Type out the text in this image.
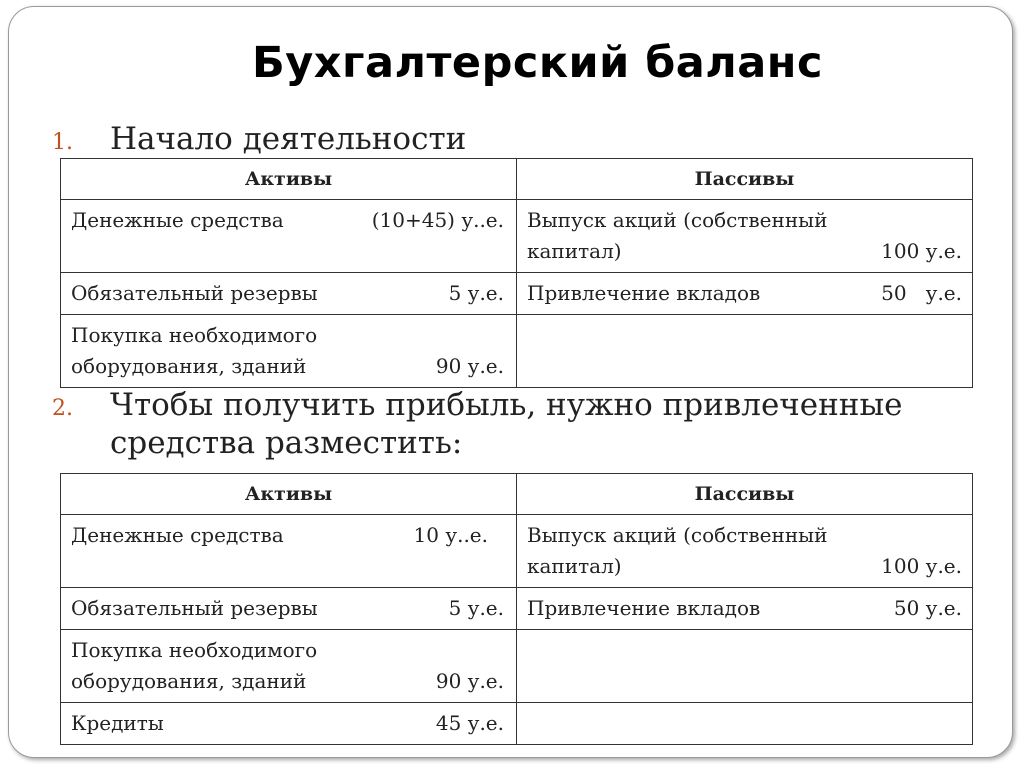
Бухгалтерский баланс
1. Начало деятельности
Активы	Пассивы

Денежные средства (10+45) у..е.	Выпуск акций (собственный капитал) 100 у.е.

Обязательный резервы 5 у.е.	Привлечение вкладов 50   у.е.

Покупка необходимого оборудования, зданий 90 у.е.	

2. Чтобы получить прибыль, нужно привлеченные средства разместить:
Активы	Пассивы

Денежные средства 10 у..е.	Выпуск акций (собственный капитал) 100 у.е.

Обязательный резервы 5 у.е.	Привлечение вкладов 50 у.е.

Покупка необходимого оборудования, зданий 90 у.е.	

Кредиты 45 у.е.	
